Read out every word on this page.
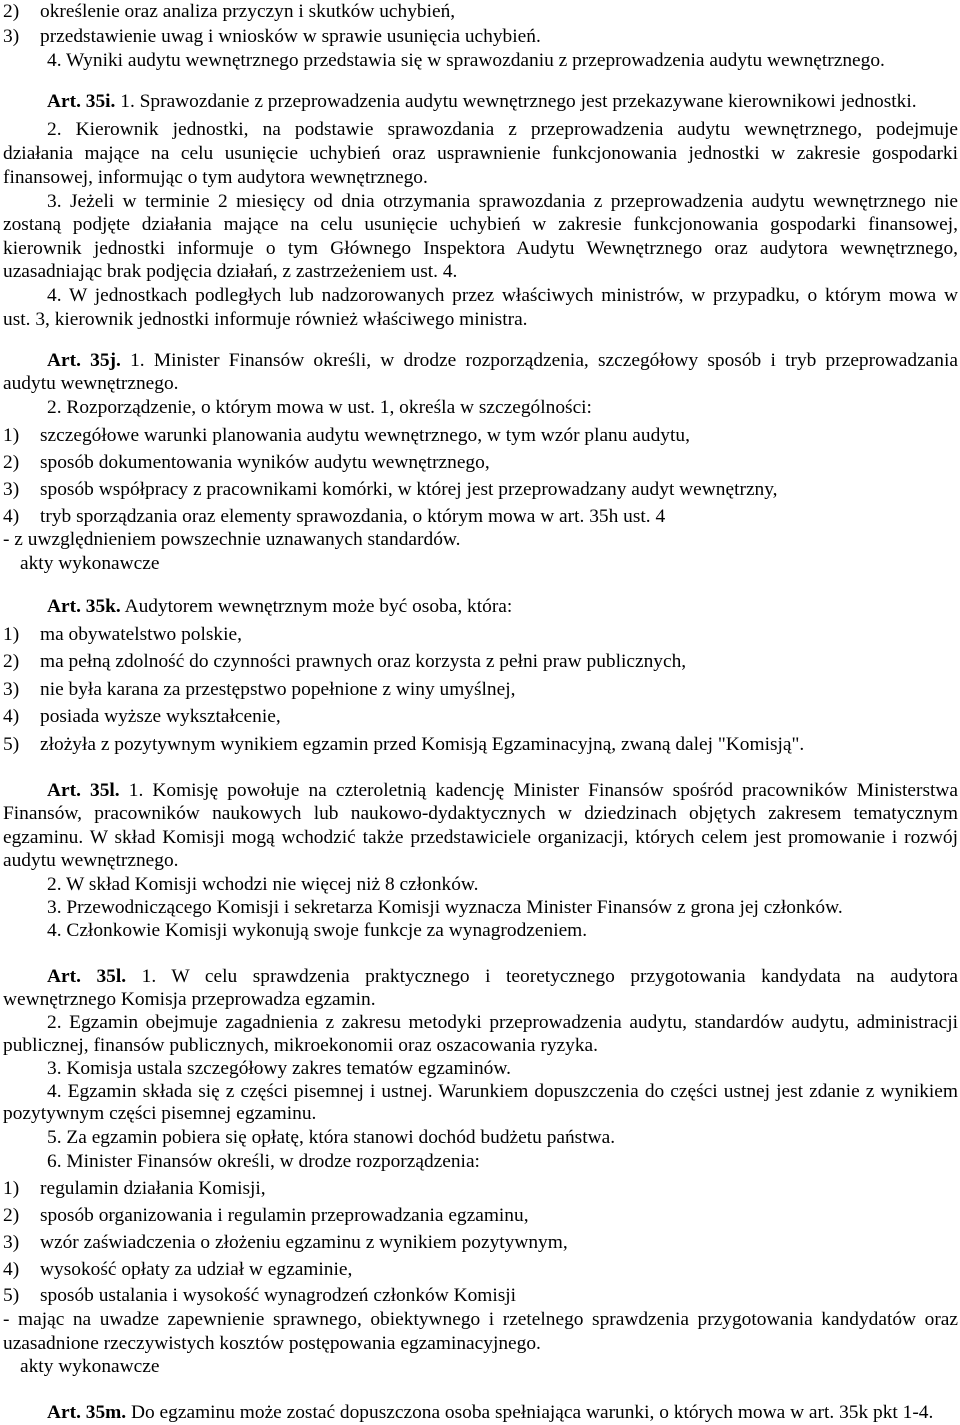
2) określenie oraz analiza przyczyn i skutków uchybień,
3) przedstawienie uwag i wniosków w sprawie usunięcia uchybień.
4. Wyniki audytu wewnętrznego przedstawia się w sprawozdaniu z przeprowadzenia audytu wewnętrznego.
Art. 35i. 1. Sprawozdanie z przeprowadzenia audytu wewnętrznego jest przekazywane kierownikowi jednostki.
2. Kierownik jednostki, na podstawie sprawozdania z przeprowadzenia audytu wewnętrznego, podejmuje
działania mające na celu usunięcie uchybień oraz usprawnienie funkcjonowania jednostki w zakresie gospodarki
finansowej, informując o tym audytora wewnętrznego.
3. Jeżeli w terminie 2 miesięcy od dnia otrzymania sprawozdania z przeprowadzenia audytu wewnętrznego nie
zostaną podjęte działania mające na celu usunięcie uchybień w zakresie funkcjonowania gospodarki finansowej,
kierownik jednostki informuje o tym Głównego Inspektora Audytu Wewnętrznego oraz audytora wewnętrznego,
uzasadniając brak podjęcia działań, z zastrzeżeniem ust. 4.
4. W jednostkach podległych lub nadzorowanych przez właściwych ministrów, w przypadku, o którym mowa w
ust. 3, kierownik jednostki informuje również właściwego ministra.
Art. 35j. 1. Minister Finansów określi, w drodze rozporządzenia, szczegółowy sposób i tryb przeprowadzania
audytu wewnętrznego.
2. Rozporządzenie, o którym mowa w ust. 1, określa w szczególności:
1) szczegółowe warunki planowania audytu wewnętrznego, w tym wzór planu audytu,
2) sposób dokumentowania wyników audytu wewnętrznego,
3) sposób współpracy z pracownikami komórki, w której jest przeprowadzany audyt wewnętrzny,
4) tryb sporządzania oraz elementy sprawozdania, o którym mowa w art. 35h ust. 4
- z uwzględnieniem powszechnie uznawanych standardów.
akty wykonawcze
Art. 35k. Audytorem wewnętrznym może być osoba, która:
1) ma obywatelstwo polskie,
2) ma pełną zdolność do czynności prawnych oraz korzysta z pełni praw publicznych,
3) nie była karana za przestępstwo popełnione z winy umyślnej,
4) posiada wyższe wykształcenie,
5) złożyła z pozytywnym wynikiem egzamin przed Komisją Egzaminacyjną, zwaną dalej "Komisją".
Art. 35l. 1. Komisję powołuje na czteroletnią kadencję Minister Finansów spośród pracowników Ministerstwa
Finansów, pracowników naukowych lub naukowo-dydaktycznych w dziedzinach objętych zakresem tematycznym
egzaminu. W skład Komisji mogą wchodzić także przedstawiciele organizacji, których celem jest promowanie i rozwój
audytu wewnętrznego.
2. W skład Komisji wchodzi nie więcej niż 8 członków.
3. Przewodniczącego Komisji i sekretarza Komisji wyznacza Minister Finansów z grona jej członków.
4. Członkowie Komisji wykonują swoje funkcje za wynagrodzeniem.
Art. 35l. 1. W celu sprawdzenia praktycznego i teoretycznego przygotowania kandydata na audytora
wewnętrznego Komisja przeprowadza egzamin.
2. Egzamin obejmuje zagadnienia z zakresu metodyki przeprowadzenia audytu, standardów audytu, administracji
publicznej, finansów publicznych, mikroekonomii oraz oszacowania ryzyka.
3. Komisja ustala szczegółowy zakres tematów egzaminów.
4. Egzamin składa się z części pisemnej i ustnej. Warunkiem dopuszczenia do części ustnej jest zdanie z wynikiem
pozytywnym części pisemnej egzaminu.
5. Za egzamin pobiera się opłatę, która stanowi dochód budżetu państwa.
6. Minister Finansów określi, w drodze rozporządzenia:
1) regulamin działania Komisji,
2) sposób organizowania i regulamin przeprowadzania egzaminu,
3) wzór zaświadczenia o złożeniu egzaminu z wynikiem pozytywnym,
4) wysokość opłaty za udział w egzaminie,
5) sposób ustalania i wysokość wynagrodzeń członków Komisji
- mając na uwadze zapewnienie sprawnego, obiektywnego i rzetelnego sprawdzenia przygotowania kandydatów oraz
uzasadnione rzeczywistych kosztów postępowania egzaminacyjnego.
akty wykonawcze
Art. 35m. Do egzaminu może zostać dopuszczona osoba spełniająca warunki, o których mowa w art. 35k pkt 1-4.
